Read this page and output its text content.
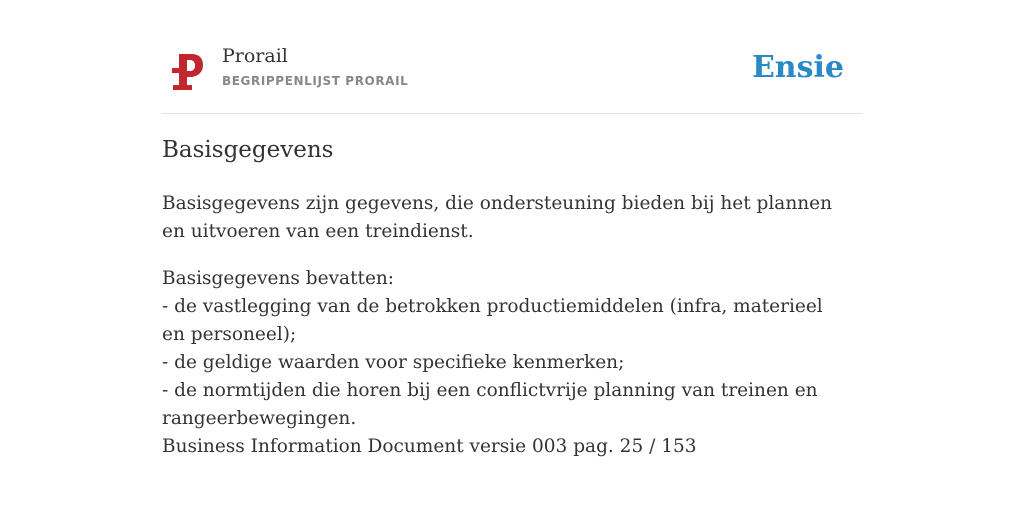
Prorail
BEGRIPPENLIJST PRORAIL	Ensie
Basisgegevens

Basisgegevens zijn gegevens, die ondersteuning bieden bij het plannen en uitvoeren van een treindienst.

Basisgegevens bevatten:
- de vastlegging van de betrokken productiemiddelen (infra, materieel en personeel);
- de geldige waarden voor specifieke kenmerken;
- de normtijden die horen bij een conflictvrije planning van treinen en rangeerbewegingen.
Business Information Document versie 003 pag. 25 / 153
